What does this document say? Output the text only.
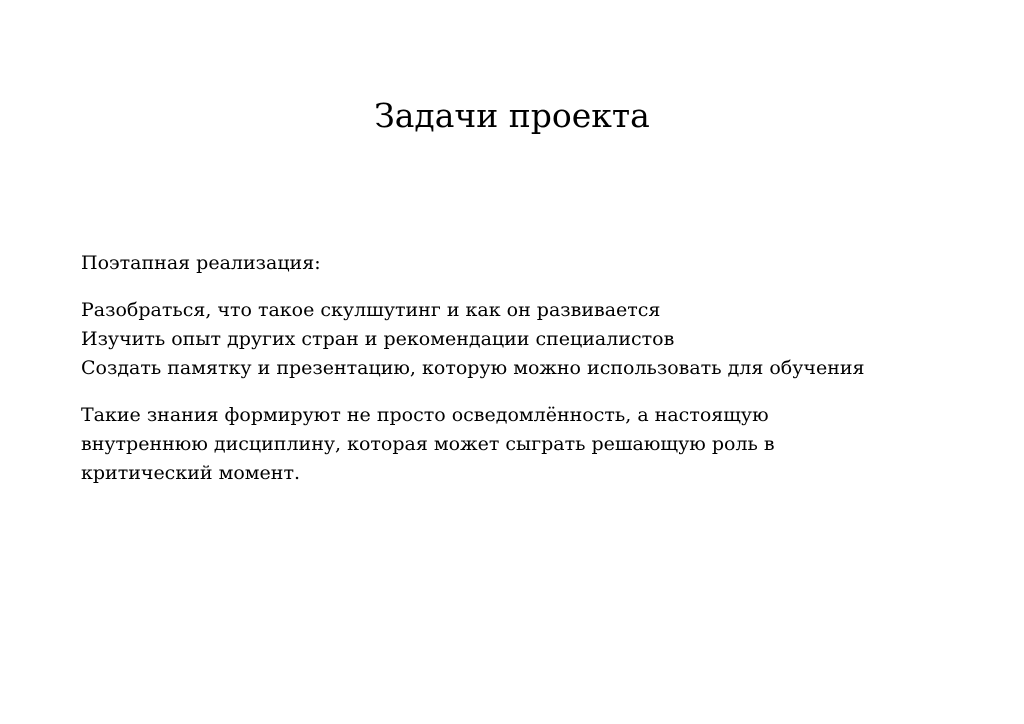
Задачи проекта

Поэтапная реализация:

Разобраться, что такое скулшутинг и как он развивается
Изучить опыт других стран и рекомендации специалистов
Создать памятку и презентацию, которую можно использовать для обучения
Такие знания формируют не просто осведомлённость, а настоящую
внутреннюю дисциплину, которая может сыграть решающую роль в
критический момент.
